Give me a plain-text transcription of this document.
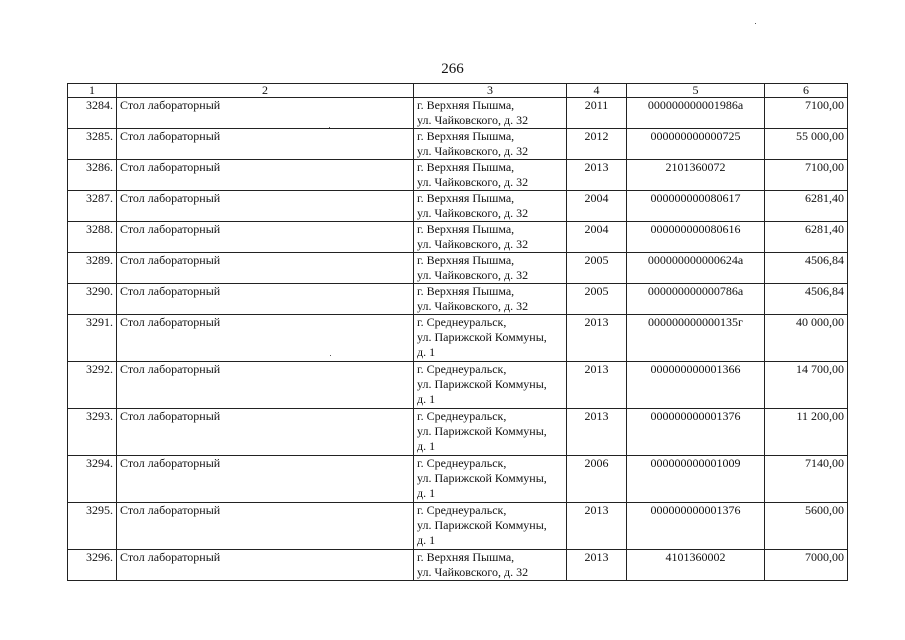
266
1	2	3	4	5	6
3284.	Стол лабораторный	г. Верхняя Пышма,
ул. Чайковского, д. 32	2011	000000000001986а	7100,00
3285.	Стол лабораторный	г. Верхняя Пышма,
ул. Чайковского, д. 32	2012	000000000000725	55 000,00
3286.	Стол лабораторный	г. Верхняя Пышма,
ул. Чайковского, д. 32	2013	2101360072	7100,00
3287.	Стол лабораторный	г. Верхняя Пышма,
ул. Чайковского, д. 32	2004	000000000080617	6281,40
3288.	Стол лабораторный	г. Верхняя Пышма,
ул. Чайковского, д. 32	2004	000000000080616	6281,40
3289.	Стол лабораторный	г. Верхняя Пышма,
ул. Чайковского, д. 32	2005	000000000000624а	4506,84
3290.	Стол лабораторный	г. Верхняя Пышма,
ул. Чайковского, д. 32	2005	000000000000786а	4506,84
3291.	Стол лабораторный	г. Среднеуральск,
ул. Парижской Коммуны,
д. 1	2013	000000000000135г	40 000,00
3292.	Стол лабораторный	г. Среднеуральск,
ул. Парижской Коммуны,
д. 1	2013	000000000001366	14 700,00
3293.	Стол лабораторный	г. Среднеуральск,
ул. Парижской Коммуны,
д. 1	2013	000000000001376	11 200,00
3294.	Стол лабораторный	г. Среднеуральск,
ул. Парижской Коммуны,
д. 1	2006	000000000001009	7140,00
3295.	Стол лабораторный	г. Среднеуральск,
ул. Парижской Коммуны,
д. 1	2013	000000000001376	5600,00
3296.	Стол лабораторный	г. Верхняя Пышма,
ул. Чайковского, д. 32	2013	4101360002	7000,00
